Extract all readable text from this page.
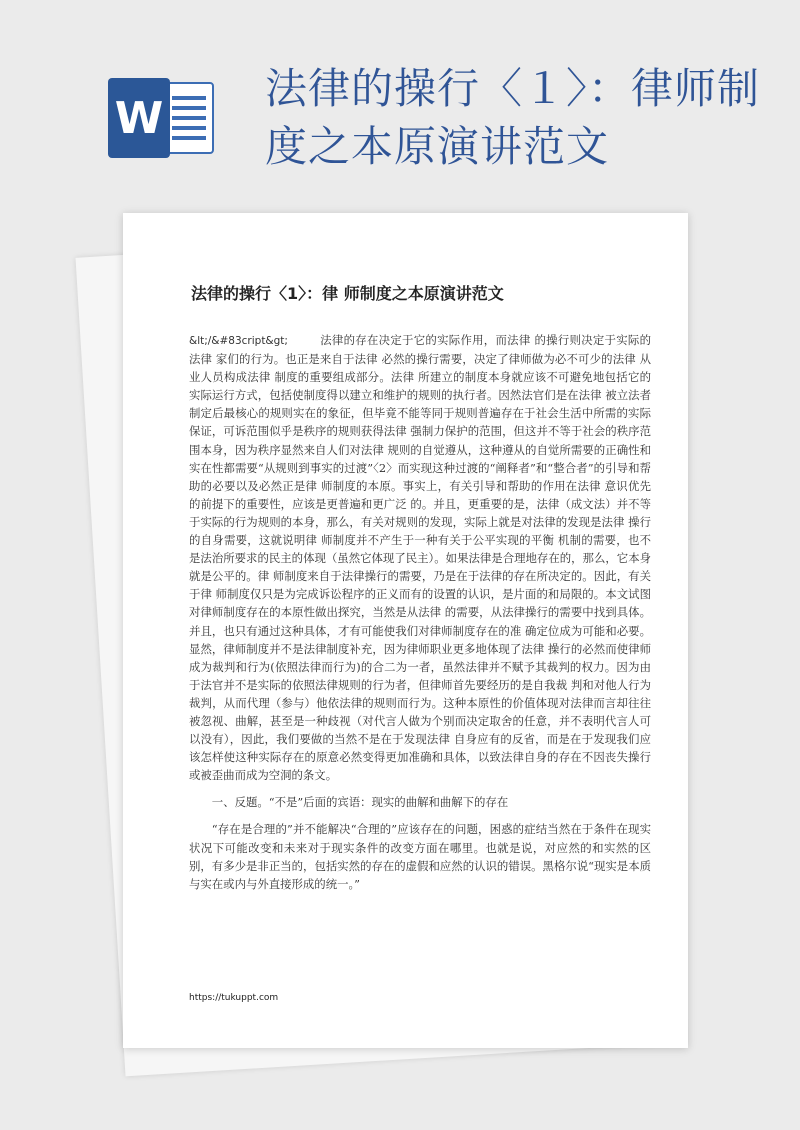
W
法律的操行〈１〉：律师制度之本原演讲范文
法律的操行〈1〉：律 师制度之本原演讲范文

&lt;/&#83cript&gt;	法律的存在决定于它的实际作用，而法律 的操行则决定于实际的法律 家们的行为。也正是来自于法律 必然的操行需要，决定了律师做为必不可少的法律 从业人员构成法律 制度的重要组成部分。法律 所建立的制度本身就应该不可避免地包括它的实际运行方式，包括使制度得以建立和维护的规则的执行者。因然法官们是在法律 被立法者制定后最核心的规则实在的象征，但毕竟不能等同于规则普遍存在于社会生活中所需的实际保证，可诉范围似乎是秩序的规则获得法律 强制力保护的范围，但这并不等于社会的秩序范围本身，因为秩序显然来自人们对法律 规则的自觉遵从，这种遵从的自觉所需要的正确性和实在性都需要“从规则到事实的过渡”〈2〉而实现这种过渡的“阐释者”和“整合者”的引导和帮助的必要以及必然正是律 师制度的本原。事实上，有关引导和帮助的作用在法律 意识优先的前提下的重要性，应该是更普遍和更广泛 的。并且，更重要的是，法律（成文法）并不等于实际的行为规则的本身，那么，有关对规则的发现，实际上就是对法律的发现是法律 操行的自身需要，这就说明律 师制度并不产生于一种有关于公平实现的平衡 机制的需要，也不是法治所要求的民主的体现（虽然它体现了民主）。如果法律是合理地存在的，那么，它本身就是公平的。律 师制度来自于法律操行的需要，乃是在于法律的存在所决定的。因此，有关于律 师制度仅只是为完成诉讼程序的正义而有的设置的认识，是片面的和局限的。本文试图对律师制度存在的本原性做出探究，当然是从法律 的需要，从法律操行的需要中找到具体。并且，也只有通过这种具体，才有可能使我们对律师制度存在的准 确定位成为可能和必要。显然，律师制度并不是法律制度补充，因为律师职业更多地体现了法律 操行的必然而使律师成为裁判和行为(依照法律而行为)的合二为一者，虽然法律并不赋予其裁判的权力。因为由于法官并不是实际的依照法律规则的行为者，但律师首先要经历的是自我裁 判和对他人行为裁判，从而代理（参与）他依法律的规则而行为。这种本原性的价值体现对法律而言却往往被忽视、曲解，甚至是一种歧视（对代言人做为个别而决定取舍的任意，并不表明代言人可以没有），因此，我们要做的当然不是在于发现法律 自身应有的反省，而是在于发现我们应该怎样使这种实际存在的原意必然变得更加准确和具体，以致法律自身的存在不因丧失操行或被歪曲而成为空洞的条文。

一、反题。“不是”后面的宾语：现实的曲解和曲解下的存在

“存在是合理的”并不能解决“合理的”应该存在的问题，困惑的症结当然在于条件在现实状况下可能改变和未来对于现实条件的改变方面在哪里。也就是说，对应然的和实然的区别，有多少是非正当的，包括实然的存在的虚假和应然的认识的错误。黑格尔说“现实是本质与实在或内与外直接形成的统一。”

https://tukuppt.com
